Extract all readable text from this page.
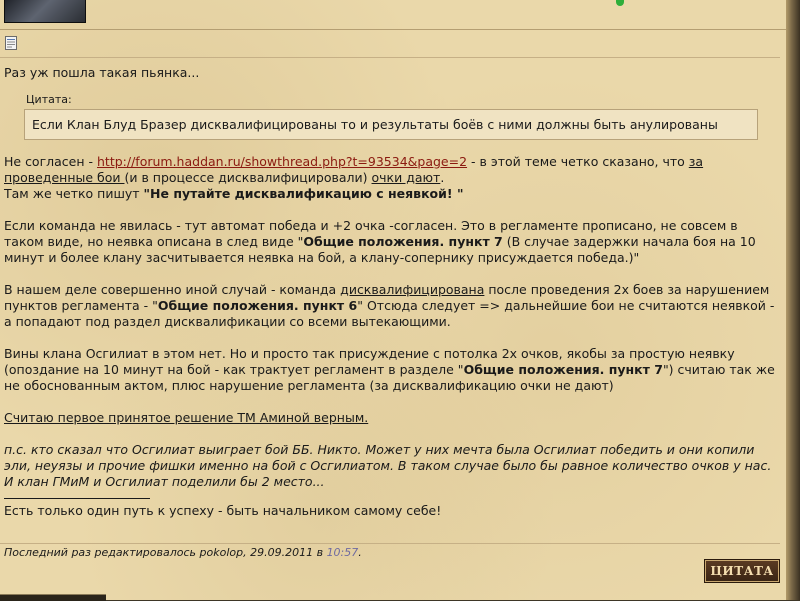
Раз уж пошла такая пьянка...

Цитата:
Если Клан Блуд Бразер дисквалифицированы то и результаты боёв с ними должны быть анулированы

Не согласен - http://forum.haddan.ru/showthread.php?t=93534&page=2 - в этой теме четко сказано, что за проведенные бои (и в процессе дисквалифицировали) очки дают.

Там же четко пишут "Не путайте дисквалификацию с неявкой! "

Если команда не явилась - тут автомат победа и +2 очка -согласен. Это в регламенте прописано, не совсем в таком виде, но неявка описана в след виде "Общие положения. пункт 7 (В случае задержки начала боя на 10 минут и более клану засчитывается неявка на бой, а клану-сопернику присуждается победа.)"

В нашем деле совершенно иной случай - команда дисквалифицирована после проведения 2х боев за нарушением пунктов регламента - "Общие положения. пункт 6" Отсюда следует => дальнейшие бои не считаются неявкой - а попадают под раздел дисквалификации со всеми вытекающими.

Вины клана Осгилиат в этом нет. Но и просто так присуждение с потолка 2х очков, якобы за простую неявку (опоздание на 10 минут на бой - как трактует регламент в разделе "Общие положения. пункт 7") считаю так же не обоснованным актом, плюс нарушение регламента (за дисквалификацию очки не дают)

Считаю первое принятое решение ТМ Аминой верным.

п.с. кто сказал что Осгилиат выиграет бой ББ. Никто. Может у них мечта была Осгилиат победить и они копили эли, неуязы и прочие фишки именно на бой с Осгилиатом. В таком случае было бы равное количество очков у нас. И клан ГМиМ и Осгилиат поделили бы 2 место...

Есть только один путь к успеху - быть начальником самому себе!

Последний раз редактировалось pokolop, 29.09.2011 в 10:57.
ЦИТАТА
